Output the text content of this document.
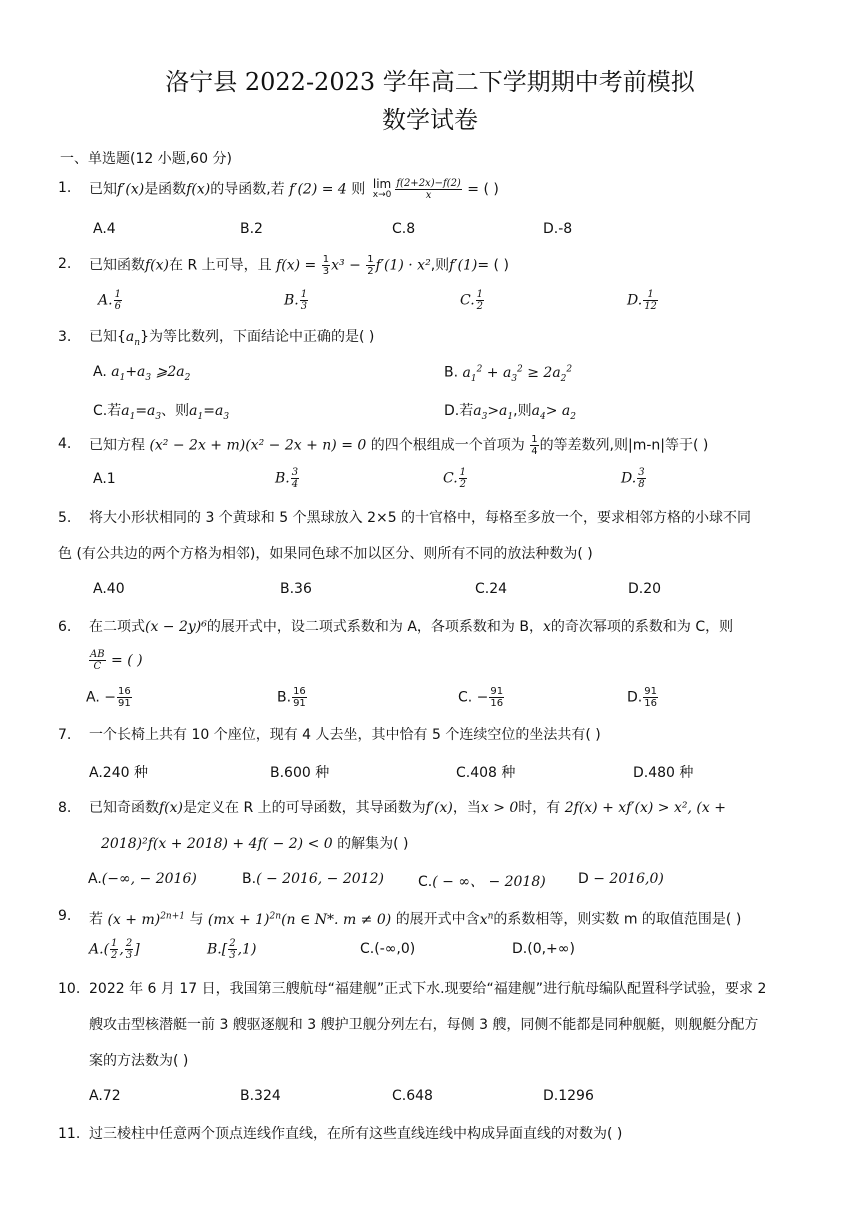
洛宁县 2022-2023 学年高二下学期期中考前模拟
数学试卷
一、单选题(12 小题,60 分)
1. 已知f′(x)是函数f(x)的导函数,若 f′(2) = 4 则 lim
$x\to 0 \frac{f(2+2x)-f(2)}{x}$ = ( )
A.4	B.2	C.8	D.-8
2. 已知函数f(x)在 R 上可导，且 $f(x) = \frac{1}{3} x^3 - \frac{1}{2} f'(1) \cdot x^2$,则f′(1)= ( )
A. $\frac{1}{6}$	B. $\frac{1}{3}$	C. $\frac{1}{2}$	D. $\frac{1}{12}$
3. 已知$\{a_n\}$为等比数列，下面结论中正确的是( )
A. $a_1+a_3$ $⩾2a_2$	B. $a_1^2 + a_3^2 \ge 2a_2^2$
C.若$a_1=a_3$、则$a_1=a_3$	D.若$a_3>a_1$,则$a_4> a_2$
4. 已知方程 (x² − 2x + m)(x² − 2x + n) = 0 的四个根组成一个首项为 $\frac{1}{4}$ 的等差数列,则|m-n|等于( )
A.1	B. $\frac{3}{4}$	C. $\frac{1}{2}$	D. $\frac{3}{8}$
5. 将大小形状相同的 3 个黄球和 5 个黑球放入 2×5 的十官格中，每格至多放一个，要求相邻方格的小球不同
色 (有公共边的两个方格为相邻)，如果同色球不加以区分、则所有不同的放法种数为( )
A.40	B.36	C.24	D.20
6. 在二项式(x − 2y)⁶的展开式中，设二项式系数和为 A，各项系数和为 B，x的奇次幂项的系数和为 C，则
$\frac{AB}{C}$ = ( )
A. − $\frac{16}{91}$	B. $\frac{16}{91}$	C. − $\frac{91}{16}$	D. $\frac{91}{16}$
7. 一个长椅上共有 10 个座位，现有 4 人去坐，其中恰有 5 个连续空位的坐法共有( )
A.240 种	B.600 种	C.408 种	D.480 种
8. 已知奇函数f(x)是定义在 R 上的可导函数，其导函数为f′(x)，当x > 0时，有 2f(x) + xf′(x) > x², (x +
2018)²f(x + 2018) + 4f( − 2) < 0 的解集为( )
A.(−∞, − 2016)	B.( − 2016, − 2012) C.( − ∞、 − 2018) D − 2016,0)
9. 若 $(x + m)^{2n+1}$ 与 (mx + 1)$^{2n}$(n ∈ N*. m ≠ 0) 的展开式中含$x^n$的系数相等，则实数 m 的取值范围是( )
$A.( \frac{1}{2}$ , $\frac{2}{3}$ ]	$B.[ \frac{2}{3} ,1)$	C.(-∞,0)	D.(0,+∞)
10. 2022 年 6 月 17 日，我国第三艘航母“福建舰”正式下水.现要给“福建舰”进行航母编队配置科学试验，要求 2
艘攻击型核潜艇一前 3 艘驱逐舰和 3 艘护卫舰分列左右，每侧 3 艘，同侧不能都是同种舰艇，则舰艇分配方
案的方法数为( )
A.72	B.324	C.648	D.1296
11. 过三棱柱中任意两个顶点连线作直线，在所有这些直线连线中构成异面直线的对数为( )
